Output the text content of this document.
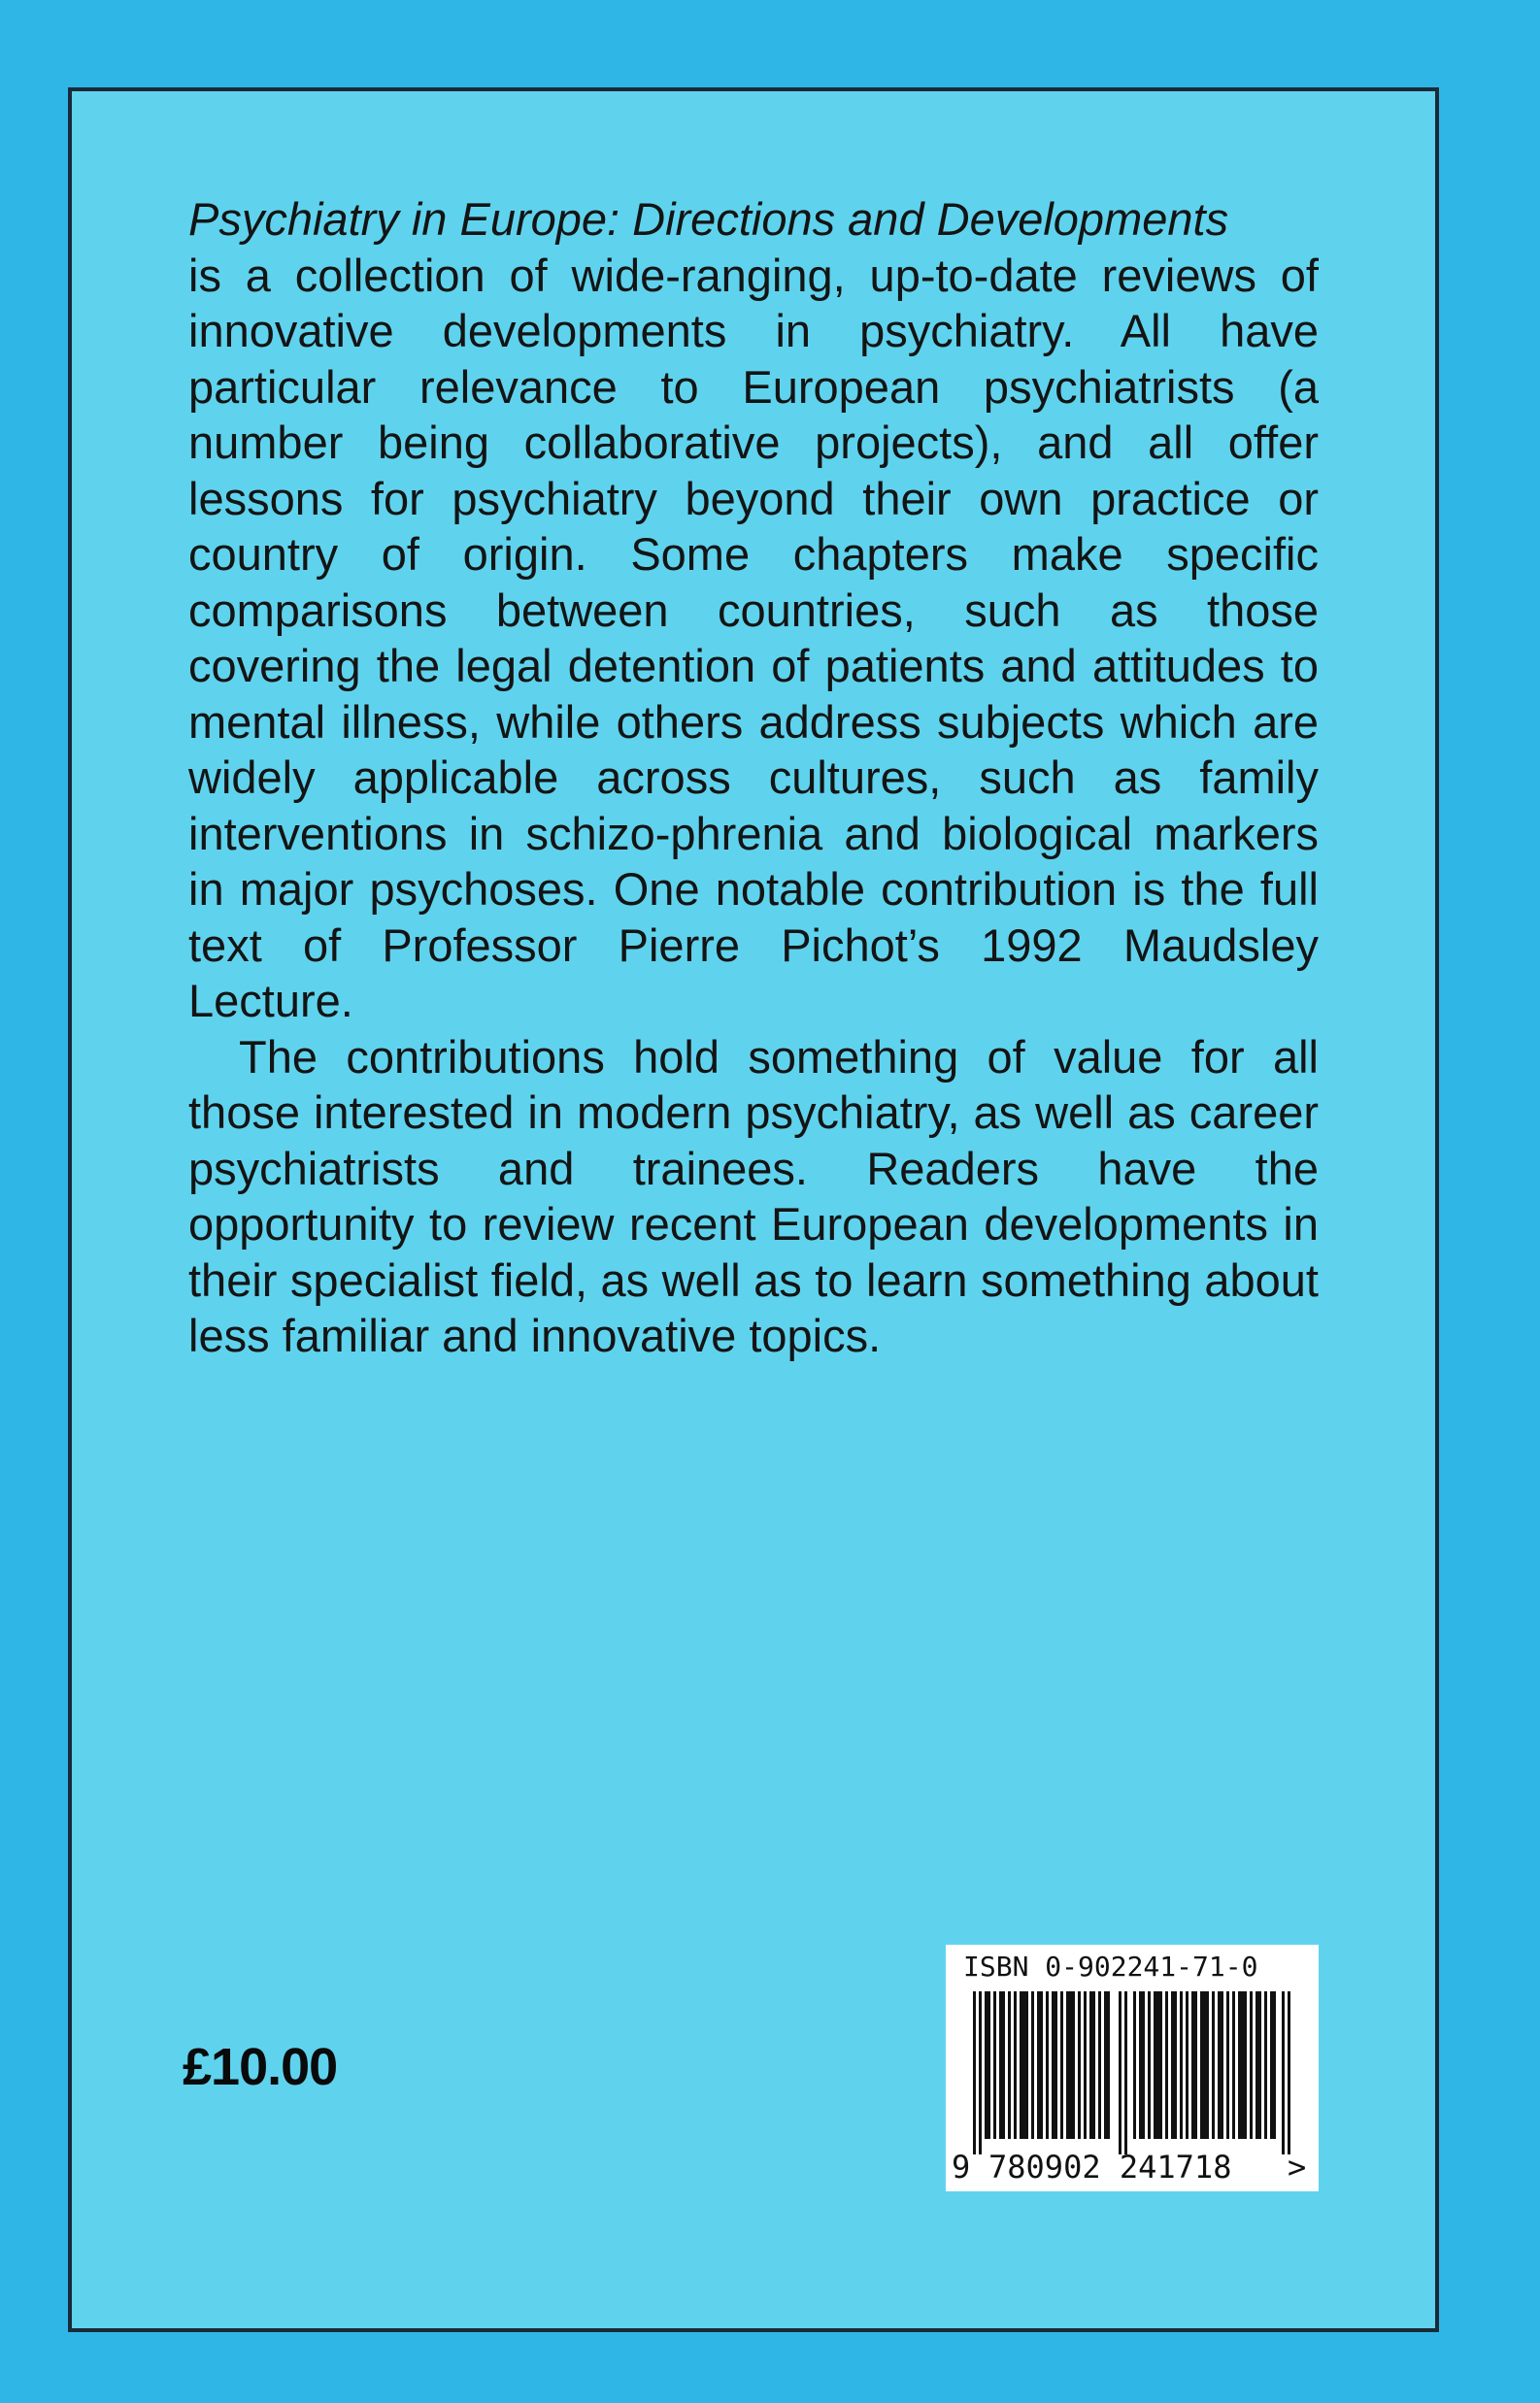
Psychiatry in Europe: Directions and Developments
is a collection of wide-ranging, up-to-date reviews of innovative developments in psychiatry. All have particular relevance to European psychiatrists (a number being collaborative projects), and all offer lessons for psychiatry beyond their own practice or country of origin. Some chapters make specific comparisons between countries, such as those covering the legal detention of patients and attitudes to mental illness, while others address subjects which are widely applicable across cultures, such as family interventions in schizo-phrenia and biological markers in major psychoses. One notable contribution is the full text of Professor Pierre Pichot’s 1992 Maudsley Lecture.

The contributions hold something of value for all those interested in modern psychiatry, as well as career psychiatrists and trainees. Readers have the opportunity to review recent European developments in their specialist field, as well as to learn something about less familiar and innovative topics.

£10.00
ISBN 0-902241-71-0
9 780902 241718 >
